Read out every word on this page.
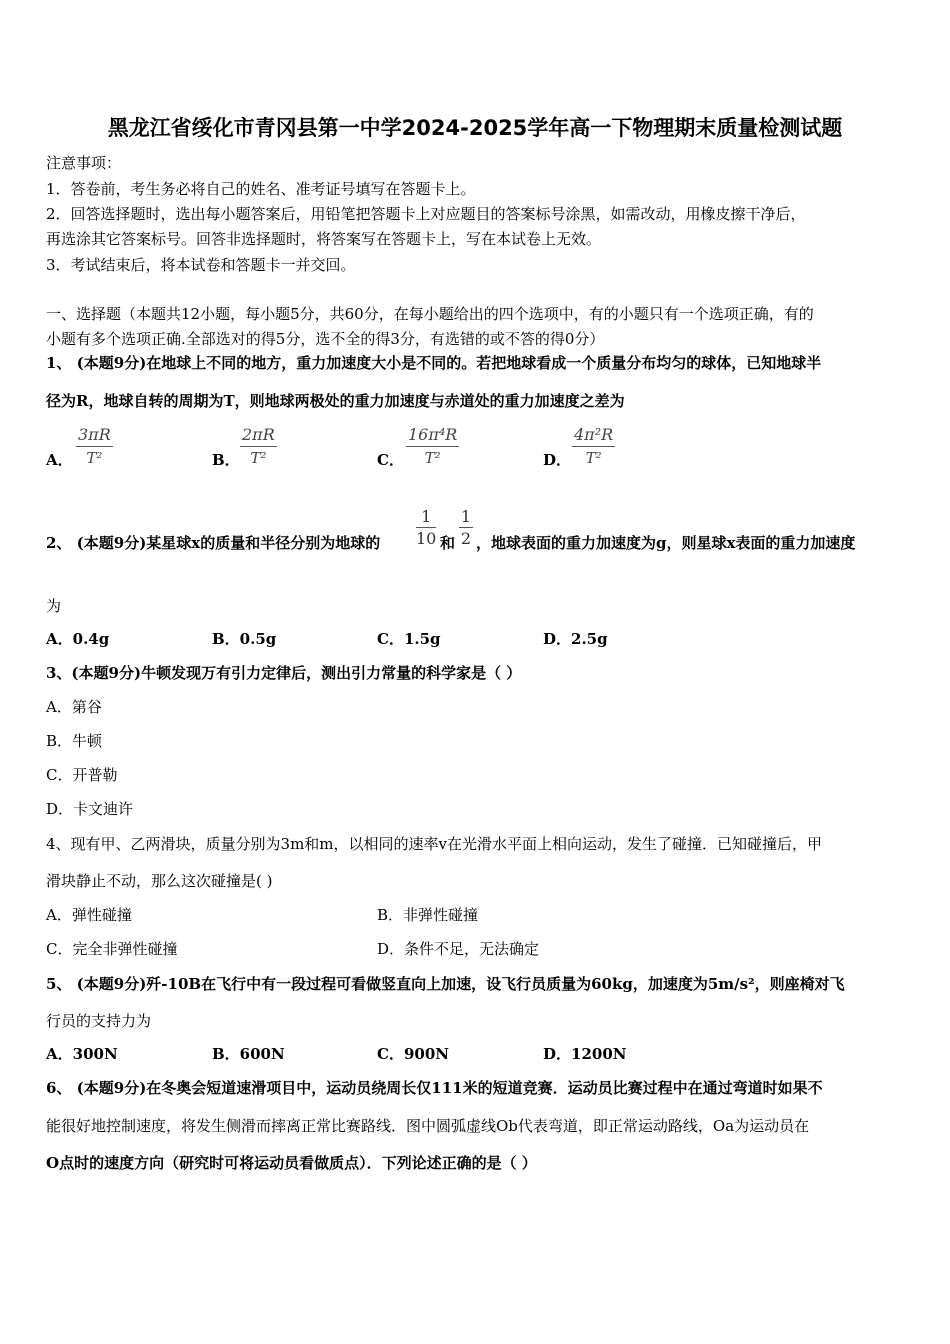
黑龙江省绥化市青冈县第一中学2024-2025学年高一下物理期末质量检测试题
注意事项：
1．答卷前，考生务必将自己的姓名、准考证号填写在答题卡上。
2．回答选择题时，选出每小题答案后，用铅笔把答题卡上对应题目的答案标号涂黑，如需改动，用橡皮擦干净后，
再选涂其它答案标号。回答非选择题时，将答案写在答题卡上，写在本试卷上无效。
3．考试结束后，将本试卷和答题卡一并交回。
一、选择题（本题共12小题，每小题5分，共60分，在每小题给出的四个选项中，有的小题只有一个选项正确，有的
小题有多个选项正确.全部选对的得5分，选不全的得3分，有选错的或不答的得0分）
1、 (本题9分)在地球上不同的地方，重力加速度大小是不同的。若把地球看成一个质量分布均匀的球体，已知地球半
径为R，地球自转的周期为T，则地球两极处的重力加速度与赤道处的重力加速度之差为
A．
3πR
T²	B．
2πR
T²	C．
16π⁴R
T²	D．
4π²R
T²
2、 (本题9分)某星球x的质量和半径分别为地球的
1
10 和
1
2 ，地球表面的重力加速度为g，则星球x表面的重力加速度
为
A．0.4g	B．0.5g	C．1.5g	D．2.5g
3、(本题9分)牛顿发现万有引力定律后，测出引力常量的科学家是（ ）
A．第谷
B．牛顿
C．开普勒
D．卡文迪许
4、现有甲、乙两滑块，质量分别为3m和m，以相同的速率v在光滑水平面上相向运动，发生了碰撞．已知碰撞后，甲
滑块静止不动，那么这次碰撞是( )
A．弹性碰撞	B．非弹性碰撞
C．完全非弹性碰撞	D．条件不足，无法确定
5、 (本题9分)歼-10B在飞行中有一段过程可看做竖直向上加速，设飞行员质量为60kg，加速度为5m/s²，则座椅对飞
行员的支持力为
A．300N	B．600N	C．900N	D．1200N
6、 (本题9分)在冬奥会短道速滑项目中，运动员绕周长仅111米的短道竞赛．运动员比赛过程中在通过弯道时如果不
能很好地控制速度，将发生侧滑而摔离正常比赛路线．图中圆弧虚线Ob代表弯道，即正常运动路线，Oa为运动员在
O点时的速度方向（研究时可将运动员看做质点）．下列论述正确的是（ ）
